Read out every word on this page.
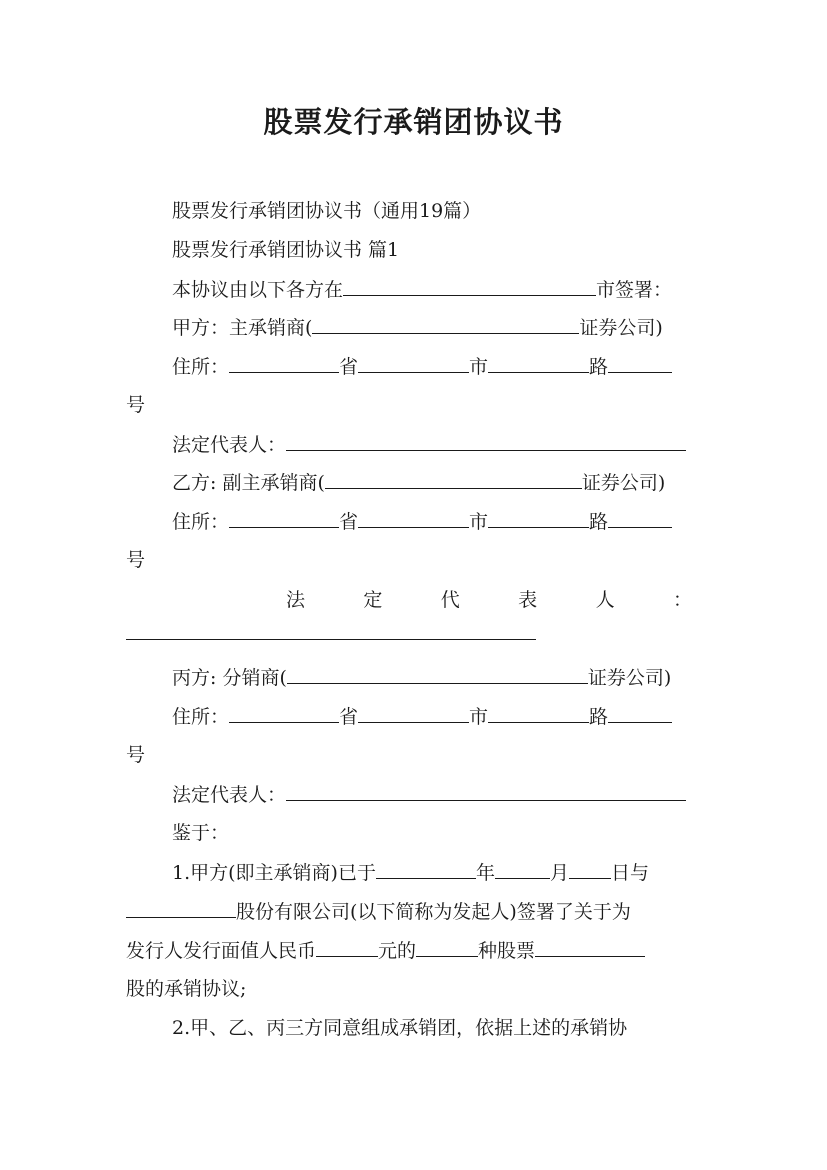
股票发行承销团协议书
股票发行承销团协议书（通用19篇）
股票发行承销团协议书 篇1
本协议由以下各方在	市签署：
甲方：主承销商(	证券公司)
住所：	省	市	路
号
法定代表人：
乙方: 副主承销商(	证券公司)
住所：	省	市	路
号
法	定	代	表	人	：
丙方: 分销商(	证券公司)
住所：	省	市	路
号
法定代表人：
鉴于：
1.甲方(即主承销商)已于	年	月 日与
股份有限公司(以下简称为发起人)签署了关于为
发行人发行面值人民币	元的	种股票
股的承销协议;
2.甲、乙、丙三方同意组成承销团，依据上述的承销协
